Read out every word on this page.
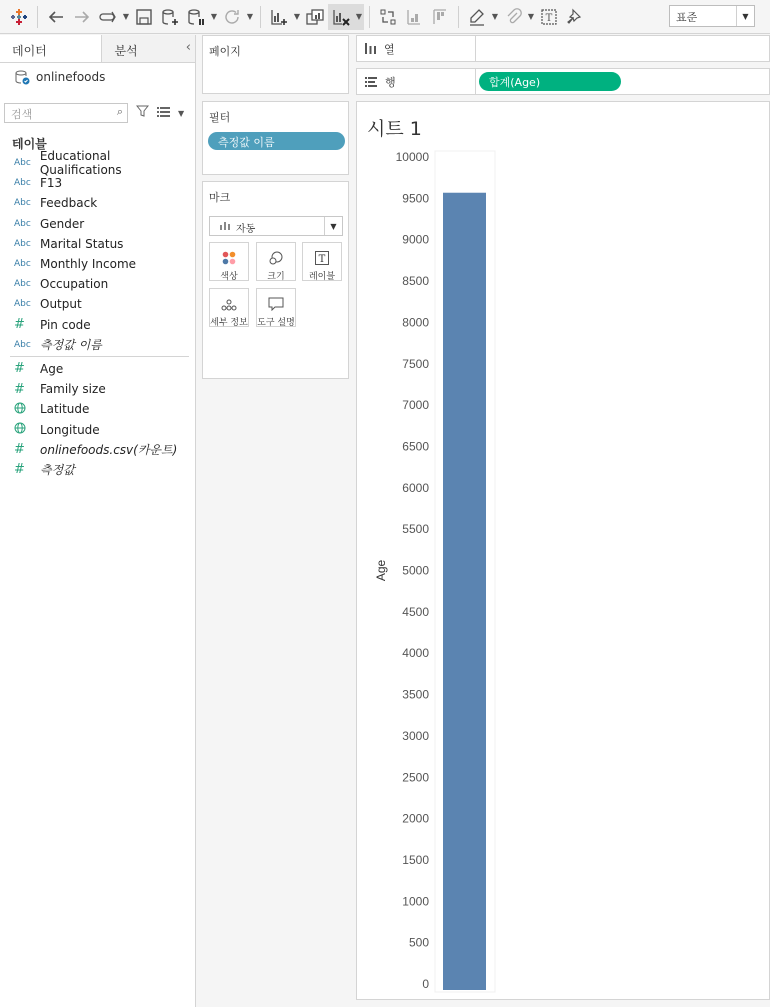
▼	▼	▼	▼	▼	▼	▼ T	표준	▼
데이터	분석	‹
onlinefoods
검색	⌕	▼
테이블
Abc Educational Qualifications
Abc F13
Abc Feedback
Abc Gender
Abc Marital Status
Abc Monthly Income
Abc Occupation
Abc Output
#	Pin code
Abc 측정값 이름
#	Age
#	Family size
Latitude
Longitude
#	onlinefoods.csv(카운트)
#	측정값
페이지
필터
측정값 이름
마크
자동	▼
색상	크기
T
레이블
세부 정보 도구 설명
열
행	합계(Age)
시트 1
0
500
1000
1500
2000
2500
3000
3500
4000
4500
5000
5500
6000
6500
7000
7500
8000
8500
9000
9500
10000
Age
